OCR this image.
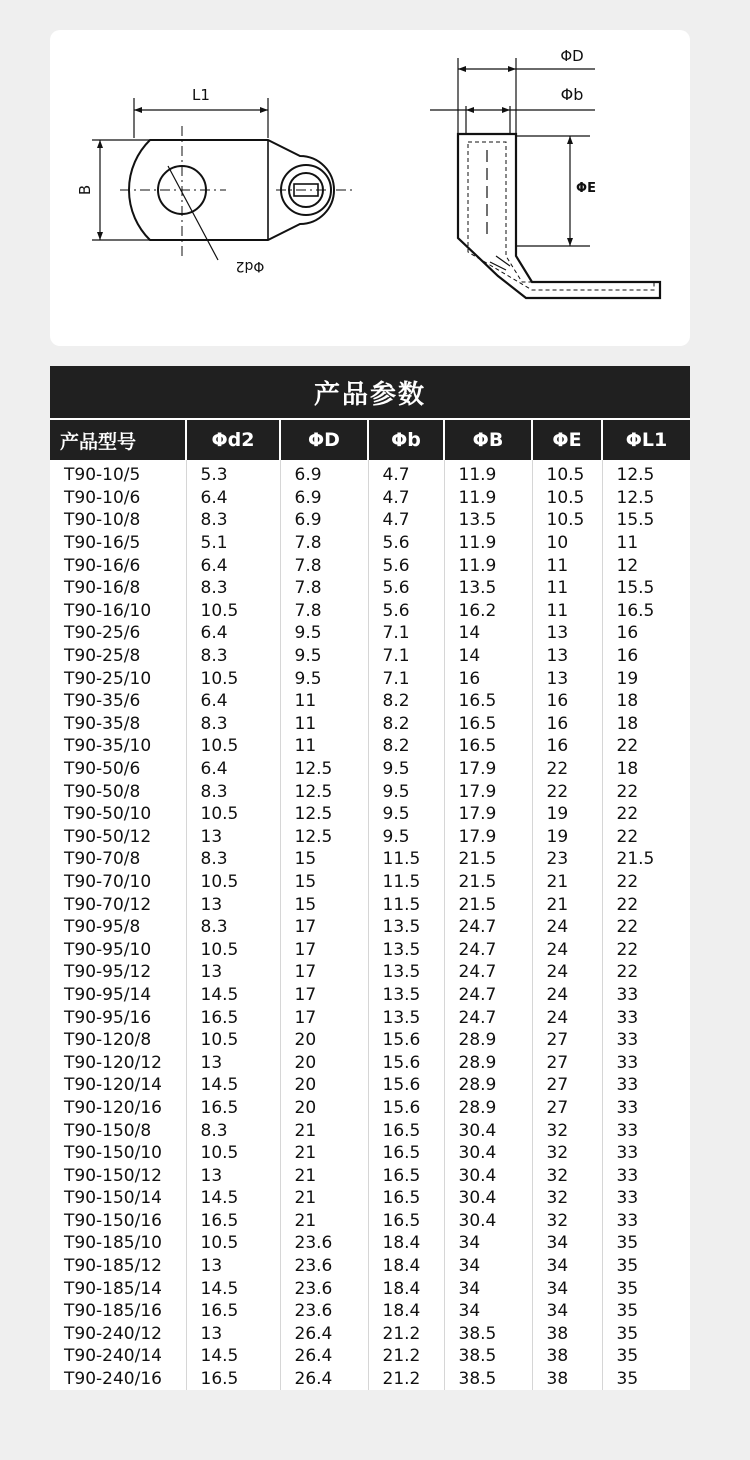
L1
B
Φd2
ΦD
Φb
ΦE
产品参数						
产品型号	Φd2	ΦD	Φb	ΦB	ΦE	ΦL1
T90-10/5	5.3	6.9	4.7	11.9	10.5	12.5
T90-10/6	6.4	6.9	4.7	11.9	10.5	12.5
T90-10/8	8.3	6.9	4.7	13.5	10.5	15.5
T90-16/5	5.1	7.8	5.6	11.9	10	11
T90-16/6	6.4	7.8	5.6	11.9	11	12
T90-16/8	8.3	7.8	5.6	13.5	11	15.5
T90-16/10	10.5	7.8	5.6	16.2	11	16.5
T90-25/6	6.4	9.5	7.1	14	13	16
T90-25/8	8.3	9.5	7.1	14	13	16
T90-25/10	10.5	9.5	7.1	16	13	19
T90-35/6	6.4	11	8.2	16.5	16	18
T90-35/8	8.3	11	8.2	16.5	16	18
T90-35/10	10.5	11	8.2	16.5	16	22
T90-50/6	6.4	12.5	9.5	17.9	22	18
T90-50/8	8.3	12.5	9.5	17.9	22	22
T90-50/10	10.5	12.5	9.5	17.9	19	22
T90-50/12	13	12.5	9.5	17.9	19	22
T90-70/8	8.3	15	11.5	21.5	23	21.5
T90-70/10	10.5	15	11.5	21.5	21	22
T90-70/12	13	15	11.5	21.5	21	22
T90-95/8	8.3	17	13.5	24.7	24	22
T90-95/10	10.5	17	13.5	24.7	24	22
T90-95/12	13	17	13.5	24.7	24	22
T90-95/14	14.5	17	13.5	24.7	24	33
T90-95/16	16.5	17	13.5	24.7	24	33
T90-120/8	10.5	20	15.6	28.9	27	33
T90-120/12	13	20	15.6	28.9	27	33
T90-120/14	14.5	20	15.6	28.9	27	33
T90-120/16	16.5	20	15.6	28.9	27	33
T90-150/8	8.3	21	16.5	30.4	32	33
T90-150/10	10.5	21	16.5	30.4	32	33
T90-150/12	13	21	16.5	30.4	32	33
T90-150/14	14.5	21	16.5	30.4	32	33
T90-150/16	16.5	21	16.5	30.4	32	33
T90-185/10	10.5	23.6	18.4	34	34	35
T90-185/12	13	23.6	18.4	34	34	35
T90-185/14	14.5	23.6	18.4	34	34	35
T90-185/16	16.5	23.6	18.4	34	34	35
T90-240/12	13	26.4	21.2	38.5	38	35
T90-240/14	14.5	26.4	21.2	38.5	38	35
T90-240/16	16.5	26.4	21.2	38.5	38	35
